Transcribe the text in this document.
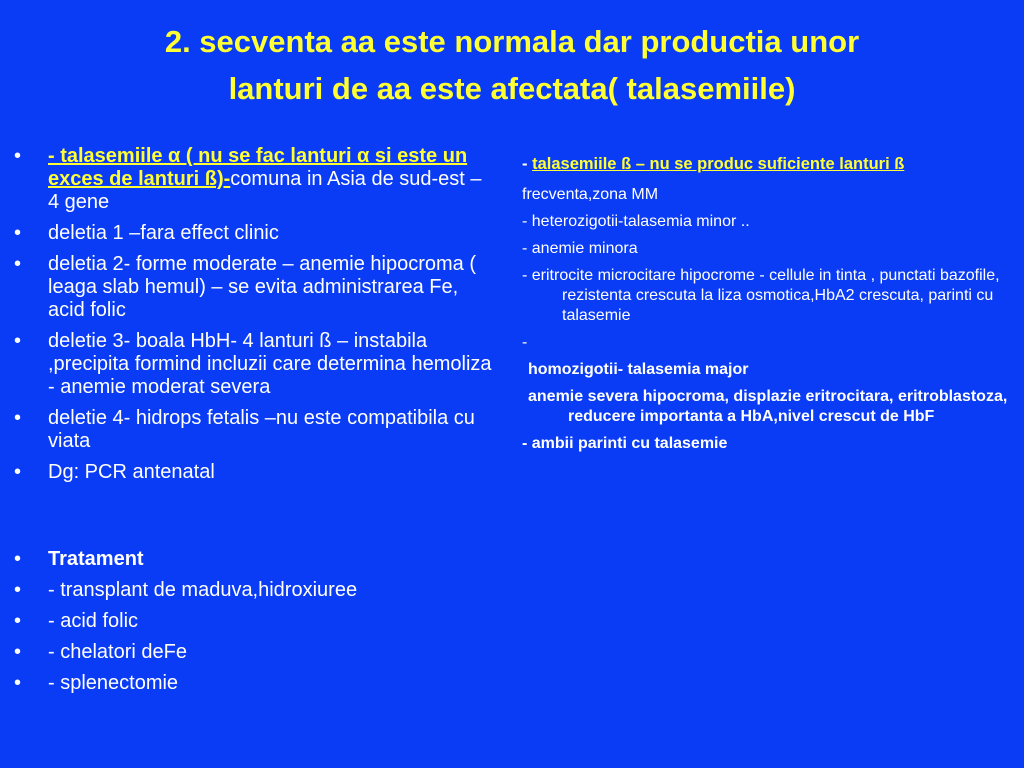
2. secventa aa este normala dar productia unor
lanturi de aa este afectata( talasemiile)
•	- talasemiile α ( nu se fac lanturi α si este un exces de lanturi ß)-comuna in Asia de sud-est – 4 gene
•	deletia 1 –fara effect clinic
•	deletia 2- forme moderate – anemie hipocroma ( leaga slab hemul) – se evita administrarea Fe, acid folic
•	deletie 3- boala HbH- 4 lanturi ß – instabila ,precipita formind incluzii care determina hemoliza - anemie moderat severa
•	deletie 4- hidrops fetalis –nu este compatibila cu viata
•	Dg: PCR antenatal
•	Tratament
•	- transplant de maduva,hidroxiuree
•	- acid folic
•	- chelatori deFe
•	- splenectomie
- talasemiile ß – nu se produc suficiente lanturi ß
frecventa,zona MM
- heterozigotii-talasemia minor ..
- anemie minora
- eritrocite microcitare hipocrome - cellule in tinta , punctati bazofile, rezistenta crescuta la liza osmotica,HbA2 crescuta, parinti cu talasemie
-
homozigotii- talasemia major
anemie severa hipocroma, displazie eritrocitara, eritroblastoza, reducere importanta a HbA,nivel crescut de HbF
- ambii parinti cu talasemie
